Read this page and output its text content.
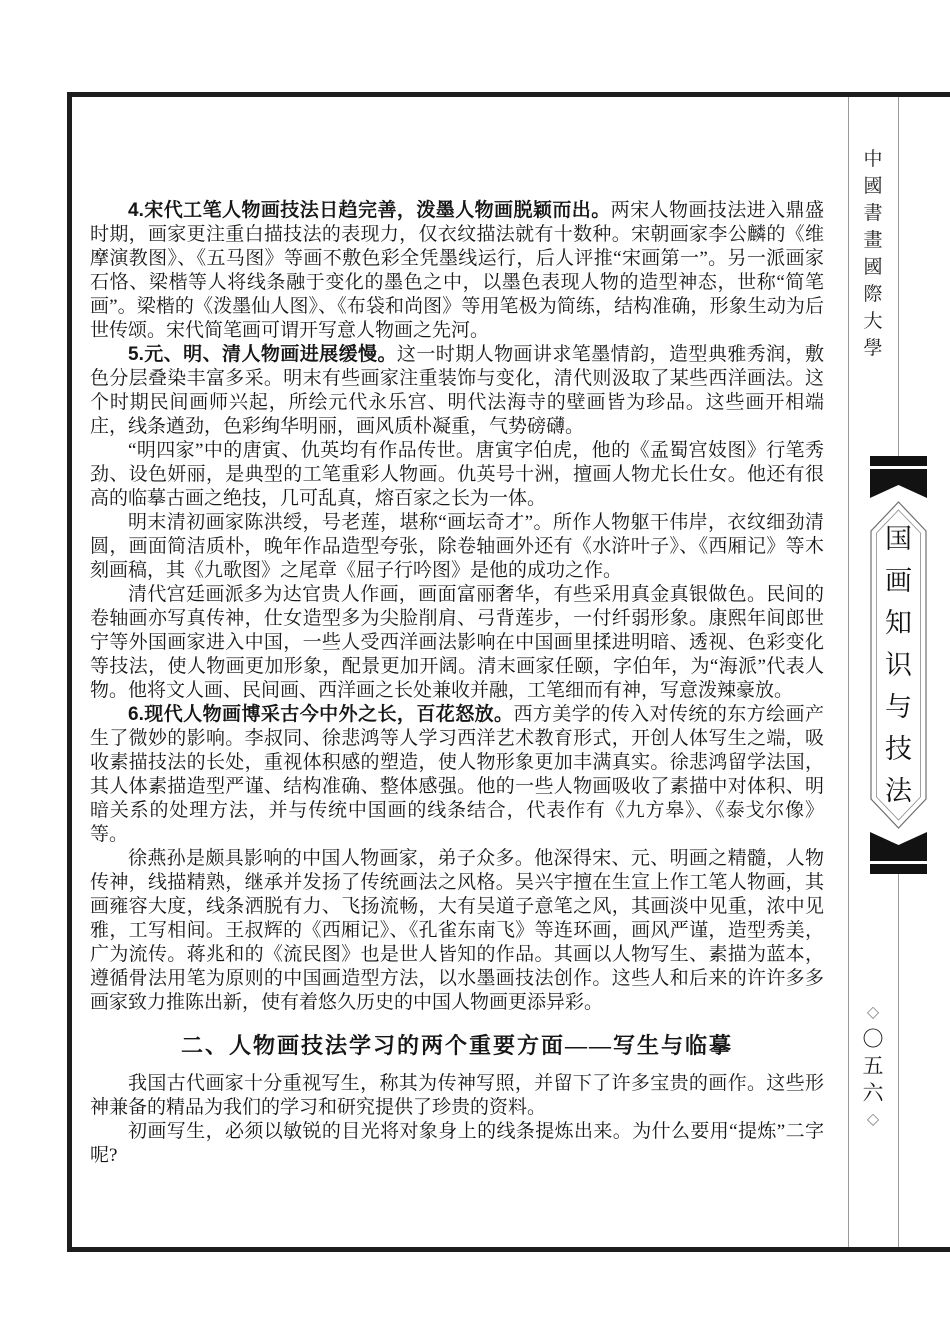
4.宋代工笔人物画技法日趋完善，泼墨人物画脱颖而出。两宋人物画技法进入鼎盛时期，画家更注重白描技法的表现力，仅衣纹描法就有十数种。宋朝画家李公麟的《维摩演教图》、《五马图》等画不敷色彩全凭墨线运行，后人评推“宋画第一”。另一派画家石恪、梁楷等人将线条融于变化的墨色之中，以墨色表现人物的造型神态，世称“简笔画”。梁楷的《泼墨仙人图》、《布袋和尚图》等用笔极为简练，结构准确，形象生动为后世传颂。宋代简笔画可谓开写意人物画之先河。

5.元、明、清人物画进展缓慢。这一时期人物画讲求笔墨情韵，造型典雅秀润，敷色分层叠染丰富多采。明末有些画家注重装饰与变化，清代则汲取了某些西洋画法。这个时期民间画师兴起，所绘元代永乐宫、明代法海寺的壁画皆为珍品。这些画开相端庄，线条遒劲，色彩绚华明丽，画风质朴凝重，气势磅礴。

“明四家”中的唐寅、仇英均有作品传世。唐寅字伯虎，他的《孟蜀宫妓图》行笔秀劲、设色妍丽，是典型的工笔重彩人物画。仇英号十洲，擅画人物尤长仕女。他还有很高的临摹古画之绝技，几可乱真，熔百家之长为一体。

明末清初画家陈洪绶，号老莲，堪称“画坛奇才”。所作人物躯干伟岸，衣纹细劲清圆，画面简洁质朴，晚年作品造型夸张，除卷轴画外还有《水浒叶子》、《西厢记》等木刻画稿，其《九歌图》之尾章《屈子行吟图》是他的成功之作。

清代宫廷画派多为达官贵人作画，画面富丽奢华，有些采用真金真银做色。民间的卷轴画亦写真传神，仕女造型多为尖脸削肩、弓背莲步，一付纤弱形象。康熙年间郎世宁等外国画家进入中国，一些人受西洋画法影响在中国画里揉进明暗、透视、色彩变化等技法，使人物画更加形象，配景更加开阔。清末画家任颐，字伯年，为“海派”代表人物。他将文人画、民间画、西洋画之长处兼收并融，工笔细而有神，写意泼辣豪放。

6.现代人物画博采古今中外之长，百花怒放。西方美学的传入对传统的东方绘画产生了微妙的影响。李叔同、徐悲鸿等人学习西洋艺术教育形式，开创人体写生之端，吸收素描技法的长处，重视体积感的塑造，使人物形象更加丰满真实。徐悲鸿留学法国，其人体素描造型严谨、结构准确、整体感强。他的一些人物画吸收了素描中对体积、明暗关系的处理方法，并与传统中国画的线条结合，代表作有《九方皋》、《泰戈尔像》等。

徐燕孙是颇具影响的中国人物画家，弟子众多。他深得宋、元、明画之精髓，人物传神，线描精熟，继承并发扬了传统画法之风格。吴兴宇擅在生宣上作工笔人物画，其画雍容大度，线条洒脱有力、飞扬流畅，大有吴道子意笔之风，其画淡中见重，浓中见雅，工写相间。王叔辉的《西厢记》、《孔雀东南飞》等连环画，画风严谨，造型秀美，广为流传。蒋兆和的《流民图》也是世人皆知的作品。其画以人物写生、素描为蓝本，遵循骨法用笔为原则的中国画造型方法，以水墨画技法创作。这些人和后来的许许多多画家致力推陈出新，使有着悠久历史的中国人物画更添异彩。

二、人物画技法学习的两个重要方面——写生与临摹

我国古代画家十分重视写生，称其为传神写照，并留下了许多宝贵的画作。这些形神兼备的精品为我们的学习和研究提供了珍贵的资料。

初画写生，必须以敏锐的目光将对象身上的线条提炼出来。为什么要用“提炼”二字呢?

中國書畫國際大學
国画知识与技法
◇
〇五六
◇
